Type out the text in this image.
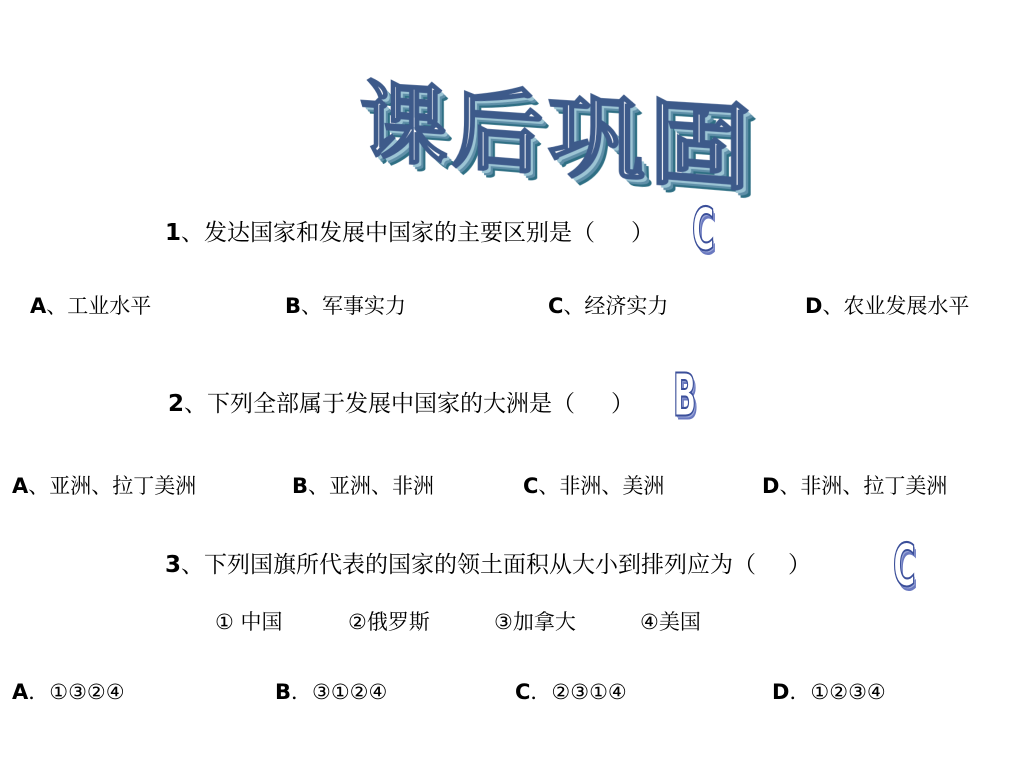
课后巩固
1、发达国家和发展中国家的主要区别是（ ） C
A、工业水平	B、军事实力	C、经济实力	D、农业发展水平
2、下列全部属于发展中国家的大洲是（ ） B
A、亚洲、拉丁美洲	B、亚洲、非洲	C、非洲、美洲	D、非洲、拉丁美洲
3、下列国旗所代表的国家的领土面积从大小到排列应为（ ） C
① 中国	②俄罗斯	③加拿大	④美国
A．①③②④	B．③①②④	C．②③①④	D．①②③④
